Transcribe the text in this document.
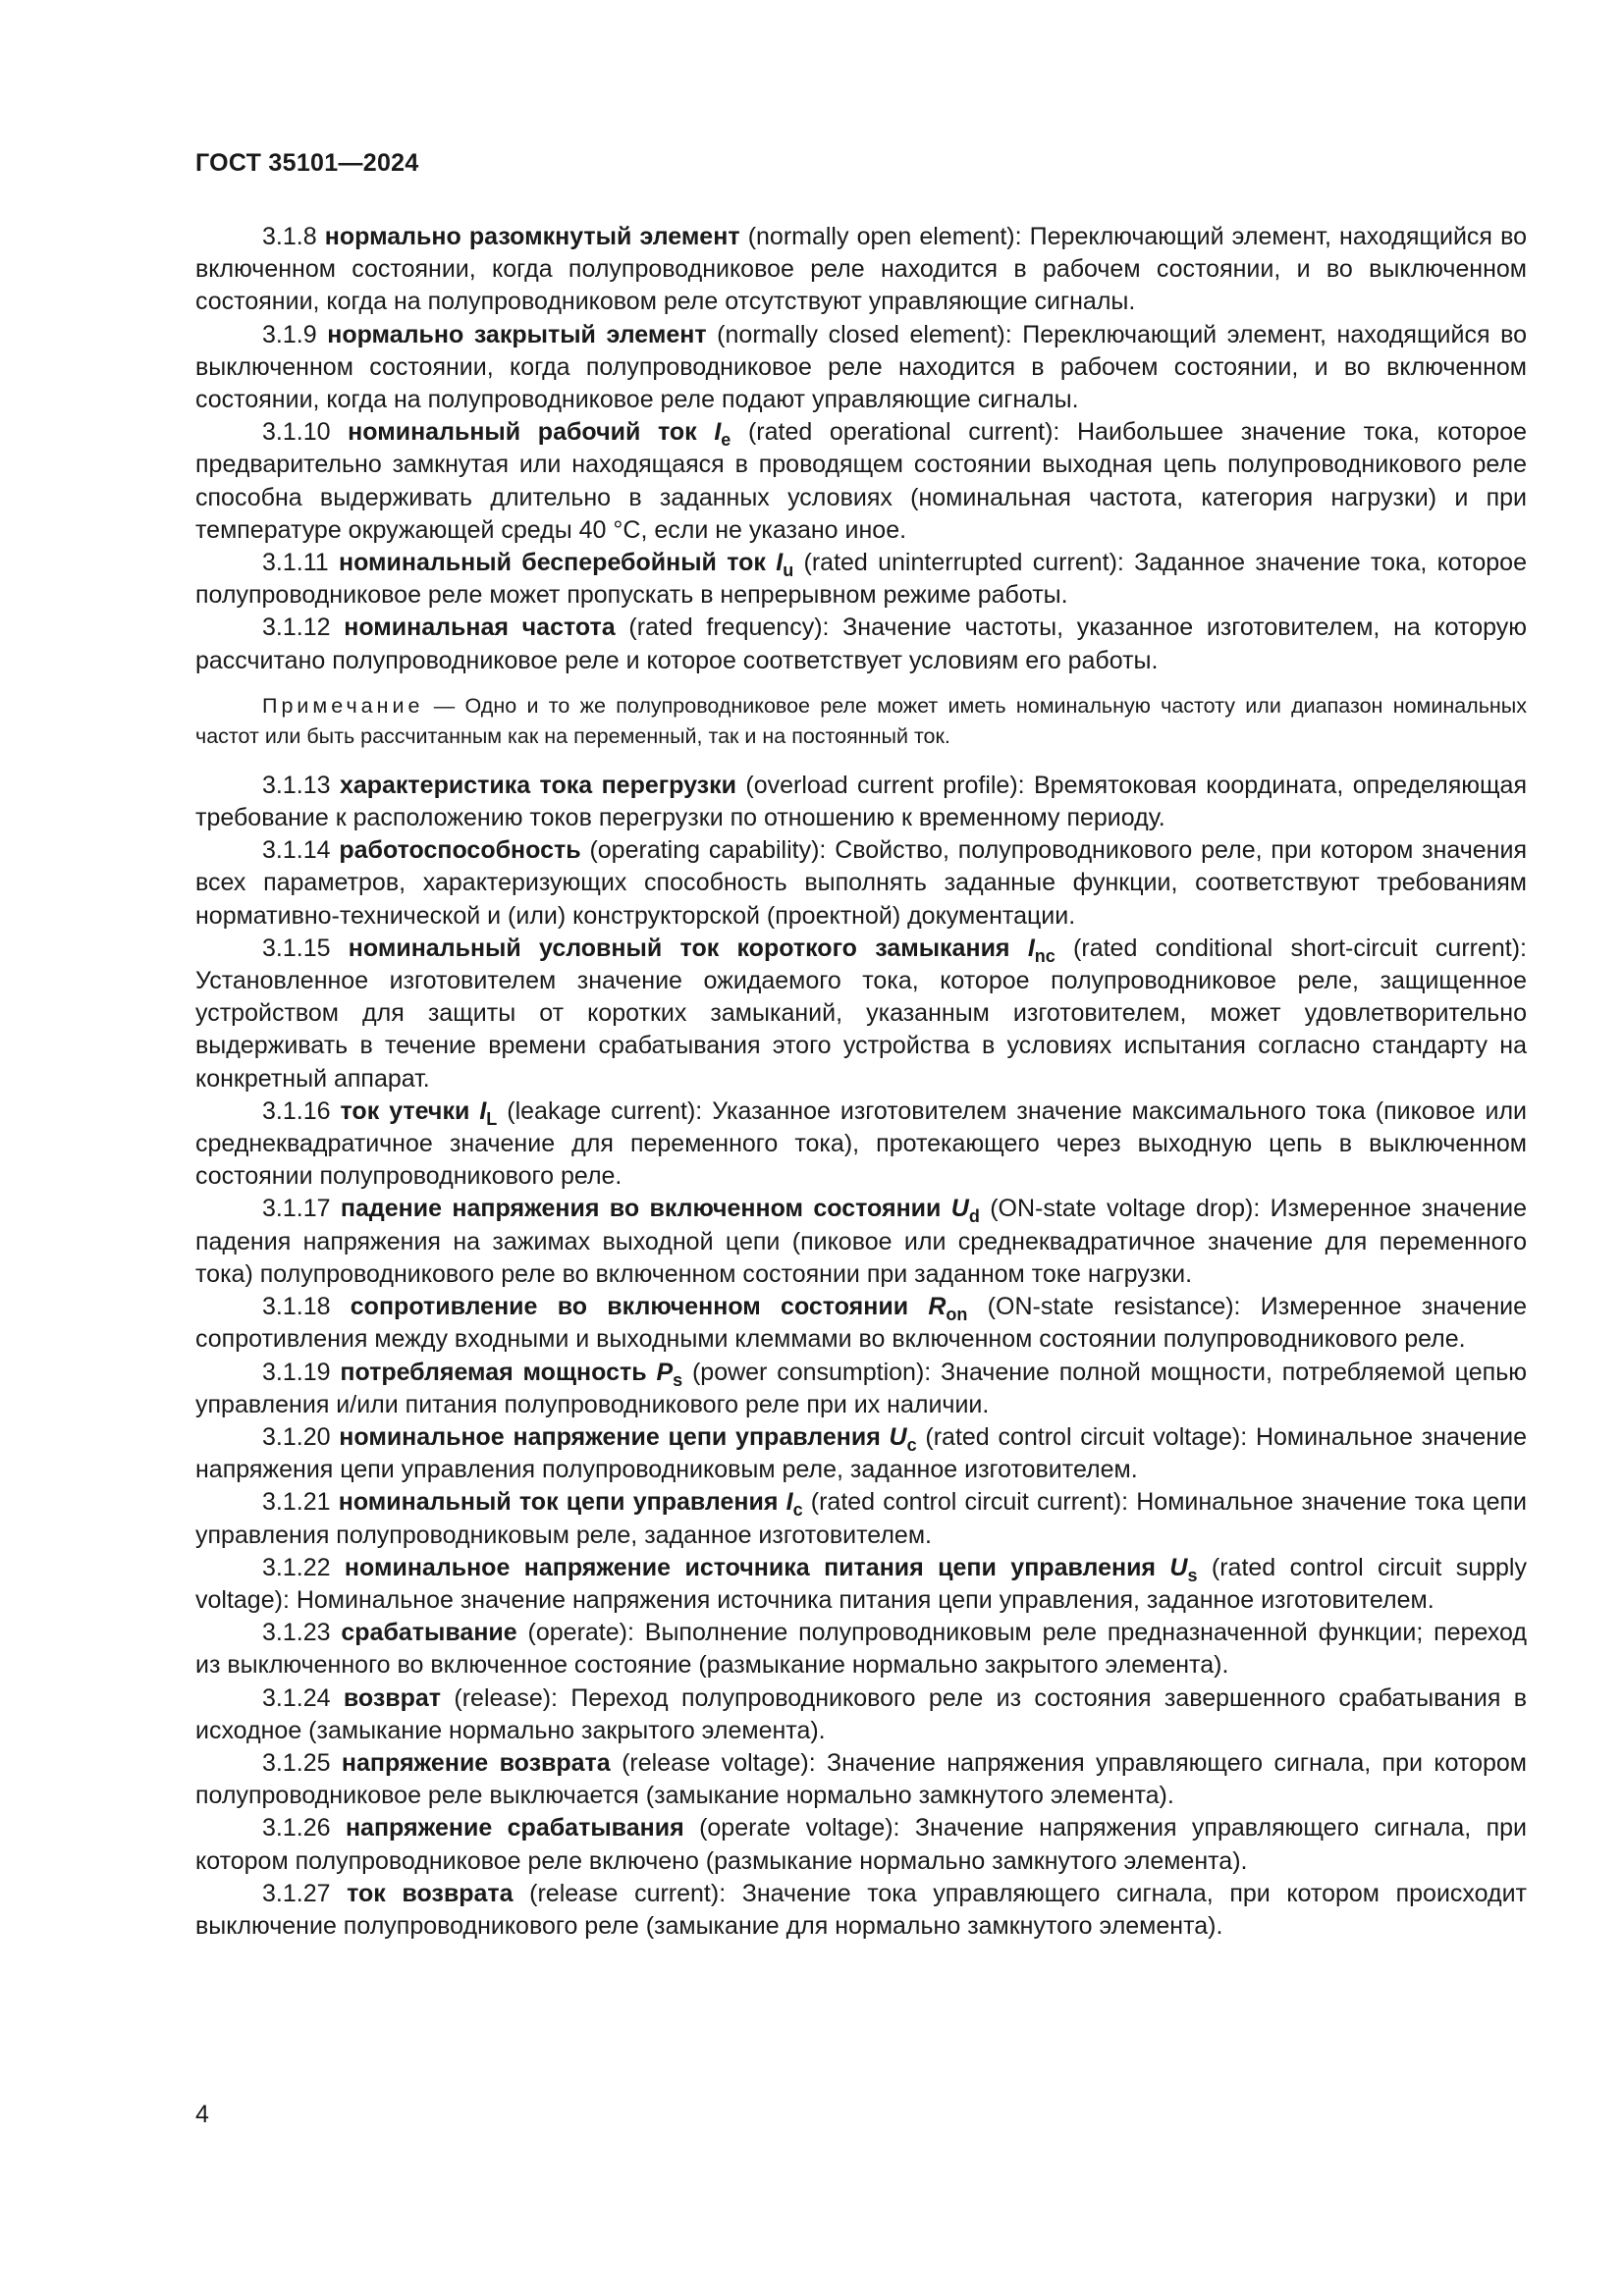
ГОСТ 35101—2024

3.1.8 нормально разомкнутый элемент (normally open element): Переключающий элемент, находящийся во включенном состоянии, когда полупроводниковое реле находится в рабочем состоянии, и во выключенном состоянии, когда на полупроводниковом реле отсутствуют управляющие сигналы.

3.1.9 нормально закрытый элемент (normally closed element): Переключающий элемент, находящийся во выключенном состоянии, когда полупроводниковое реле находится в рабочем состоянии, и во включенном состоянии, когда на полупроводниковое реле подают управляющие сигналы.

3.1.10 номинальный рабочий ток $I_e$ (rated operational current): Наибольшее значение тока, которое предварительно замкнутая или находящаяся в проводящем состоянии выходная цепь полупроводникового реле способна выдерживать длительно в заданных условиях (номинальная частота, категория нагрузки) и при температуре окружающей среды 40 °С, если не указано иное.

3.1.11 номинальный бесперебойный ток $I_u$ (rated uninterrupted current): Заданное значение тока, которое полупроводниковое реле может пропускать в непрерывном режиме работы.

3.1.12 номинальная частота (rated frequency): Значение частоты, указанное изготовителем, на которую рассчитано полупроводниковое реле и которое соответствует условиям его работы.

Примечание — Одно и то же полупроводниковое реле может иметь номинальную частоту или диапазон номинальных частот или быть рассчитанным как на переменный, так и на постоянный ток.

3.1.13 характеристика тока перегрузки (overload current profile): Времятоковая координата, определяющая требование к расположению токов перегрузки по отношению к временному периоду.

3.1.14 работоспособность (operating capability): Свойство, полупроводникового реле, при котором значения всех параметров, характеризующих способность выполнять заданные функции, соответствуют требованиям нормативно-технической и (или) конструкторской (проектной) документации.

3.1.15 номинальный условный ток короткого замыкания $I_{nc}$ (rated conditional short-circuit current): Установленное изготовителем значение ожидаемого тока, которое полупроводниковое реле, защищенное устройством для защиты от коротких замыканий, указанным изготовителем, может удовлетворительно выдерживать в течение времени срабатывания этого устройства в условиях испытания согласно стандарту на конкретный аппарат.

3.1.16 ток утечки $I_L$ (leakage current): Указанное изготовителем значение максимального тока (пиковое или среднеквадратичное значение для переменного тока), протекающего через выходную цепь в выключенном состоянии полупроводникового реле.

3.1.17 падение напряжения во включенном состоянии $U_d$ (ON-state voltage drop): Измеренное значение падения напряжения на зажимах выходной цепи (пиковое или среднеквадратичное значение для переменного тока) полупроводникового реле во включенном состоянии при заданном токе нагрузки.

3.1.18 сопротивление во включенном состоянии $R_{on}$ (ON-state resistance): Измеренное значение сопротивления между входными и выходными клеммами во включенном состоянии полупроводникового реле.

3.1.19 потребляемая мощность $P_s$ (power consumption): Значение полной мощности, потребляемой цепью управления и/или питания полупроводникового реле при их наличии.

3.1.20 номинальное напряжение цепи управления $U_c$ (rated control circuit voltage): Номинальное значение напряжения цепи управления полупроводниковым реле, заданное изготовителем.

3.1.21 номинальный ток цепи управления $I_c$ (rated control circuit current): Номинальное значение тока цепи управления полупроводниковым реле, заданное изготовителем.

3.1.22 номинальное напряжение источника питания цепи управления $U_s$ (rated control circuit supply voltage): Номинальное значение напряжения источника питания цепи управления, заданное изготовителем.

3.1.23 срабатывание (operate): Выполнение полупроводниковым реле предназначенной функции; переход из выключенного во включенное состояние (размыкание нормально закрытого элемента).

3.1.24 возврат (release): Переход полупроводникового реле из состояния завершенного срабатывания в исходное (замыкание нормально закрытого элемента).

3.1.25 напряжение возврата (release voltage): Значение напряжения управляющего сигнала, при котором полупроводниковое реле выключается (замыкание нормально замкнутого элемента).

3.1.26 напряжение срабатывания (operate voltage): Значение напряжения управляющего сигнала, при котором полупроводниковое реле включено (размыкание нормально замкнутого элемента).

3.1.27 ток возврата (release current): Значение тока управляющего сигнала, при котором происходит выключение полупроводникового реле (замыкание для нормально замкнутого элемента).

4
